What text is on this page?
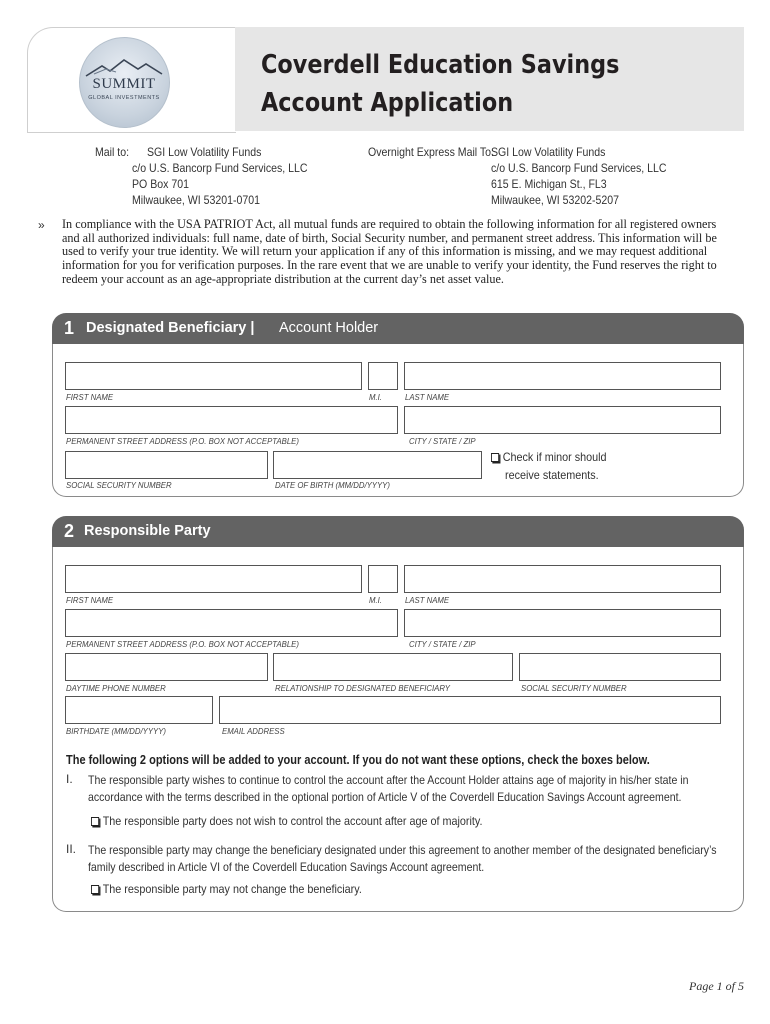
SUMMIT
GLOBAL INVESTMENTS
Coverdell Education Savings
Account Application
Mail to: SGI Low Volatility Funds
c/o U.S. Bancorp Fund Services, LLC
PO Box 701
Milwaukee, WI 53201-0701
Overnight Express Mail To:
SGI Low Volatility Funds
c/o U.S. Bancorp Fund Services, LLC
615 E. Michigan St., FL3
Milwaukee, WI 53202-5207
» In compliance with the USA PATRIOT Act, all mutual funds are required to obtain the following information for all registered owners and all authorized individuals: full name, date of birth, Social Security number, and permanent street address. This information will be used to verify your true identity. We will return your application if any of this information is missing, and we may request additional information for you for verification purposes. In the rare event that we are unable to verify your identity, the Fund reserves the right to redeem your account as an age-appropriate distribution at the current day’s net asset value.
1 Designated Beneficiary | Account Holder
FIRST NAME	M.I.	LAST NAME
PERMANENT STREET ADDRESS (P.O. BOX NOT ACCEPTABLE)	CITY / STATE / ZIP
SOCIAL SECURITY NUMBER	DATE OF BIRTH (MM/DD/YYYY)
Check if minor should
receive statements.
2 Responsible Party
FIRST NAME	M.I.	LAST NAME
PERMANENT STREET ADDRESS (P.O. BOX NOT ACCEPTABLE)	CITY / STATE / ZIP
DAYTIME PHONE NUMBER	RELATIONSHIP TO DESIGNATED BENEFICIARY	SOCIAL SECURITY NUMBER
BIRTHDATE (MM/DD/YYYY)	EMAIL ADDRESS
The following 2 options will be added to your account. If you do not want these options, check the boxes below.
I. The responsible party wishes to continue to control the account after the Account Holder attains age of majority in his/her state in accordance with the terms described in the optional portion of Article V of the Coverdell Education Savings Account agreement.
The responsible party does not wish to control the account after age of majority.
II. The responsible party may change the beneficiary designated under this agreement to another member of the designated beneficiary’s family described in Article VI of the Coverdell Education Savings Account agreement.
The responsible party may not change the beneficiary.
Page 1 of 5
